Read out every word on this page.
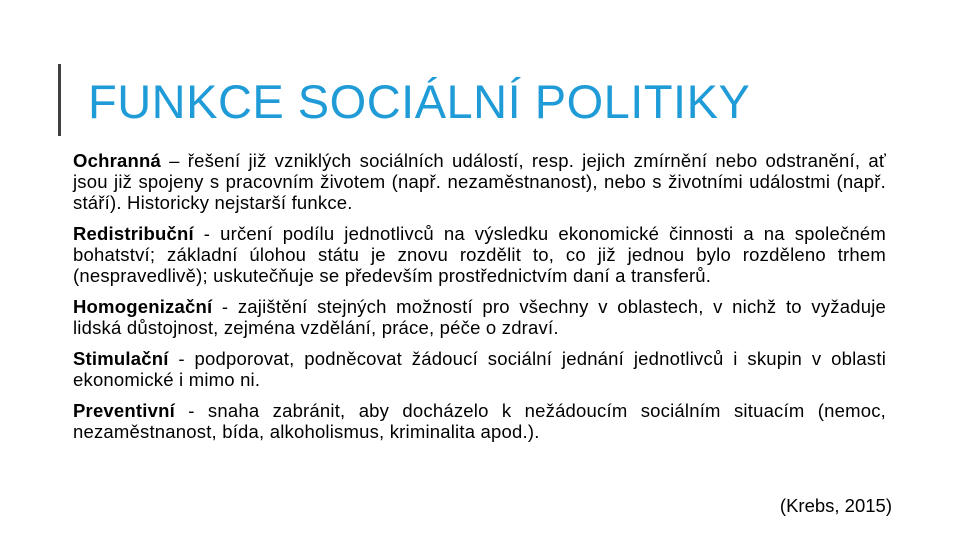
FUNKCE SOCIÁLNÍ POLITIKY

Ochranná – řešení již vzniklých sociálních událostí, resp. jejich zmírnění nebo odstranění, ať jsou již spojeny s pracovním životem (např. nezaměstnanost), nebo s životními událostmi (např. stáří). Historicky nejstarší funkce.

Redistribuční - určení podílu jednotlivců na výsledku ekonomické činnosti a na společném bohatství; základní úlohou státu je znovu rozdělit to, co již jednou bylo rozděleno trhem (nespravedlivě); uskutečňuje se především prostřednictvím daní a transferů.

Homogenizační - zajištění stejných možností pro všechny v oblastech, v nichž to vyžaduje lidská důstojnost, zejména vzdělání, práce, péče o zdraví.

Stimulační - podporovat, podněcovat žádoucí sociální jednání jednotlivců i skupin v oblasti ekonomické i mimo ni.

Preventivní - snaha zabránit, aby docházelo k nežádoucím sociálním situacím (nemoc, nezaměstnanost, bída, alkoholismus, kriminalita apod.).

(Krebs, 2015)
